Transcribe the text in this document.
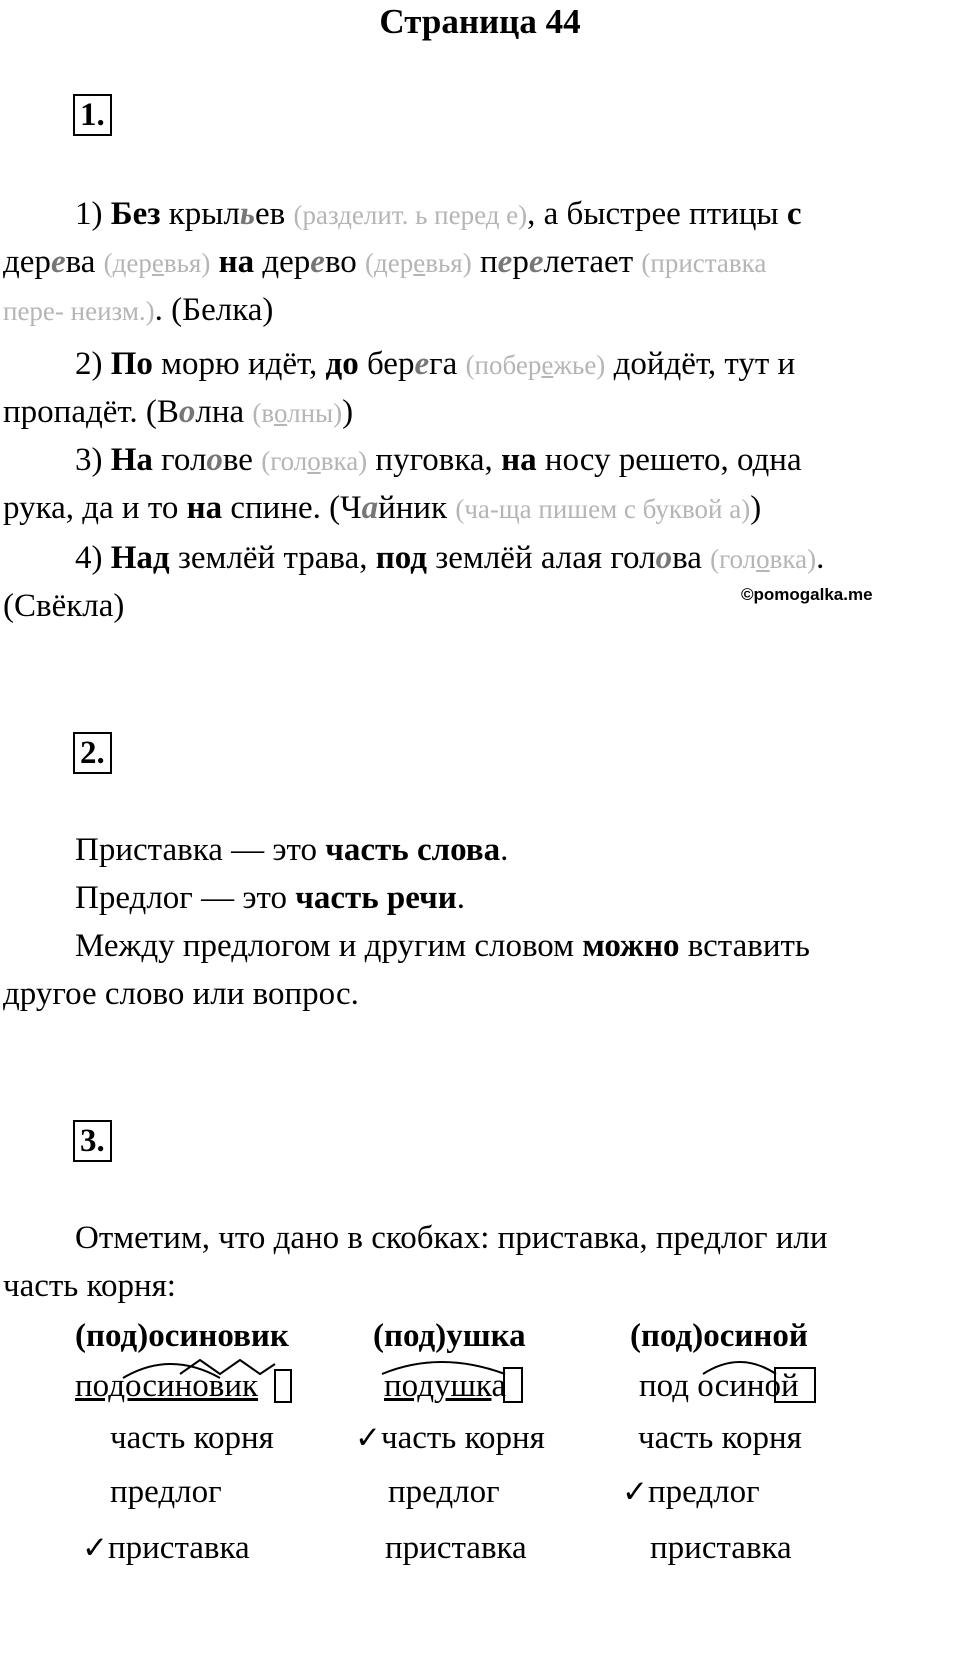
Страница 44
1.
1) Без крыльев (разделит. ь перед е), а быстрее птицы с
дерева (деревья) на дерево (деревья) перелетает (приставка
пере- неизм.). (Белка)
2) По морю идёт, до берега (побережье) дойдёт, тут и
пропадёт. (Волна (волны))
3) На голове (головка) пуговка, на носу решето, одна
рука, да и то на спине. (Чайник (ча-ща пишем с буквой а))
4) Над землёй трава, под землёй алая голова (головка).
(Свёкла)	©pomogalka.me
2.
Приставка — это часть слова.
Предлог — это часть речи.
Между предлогом и другим словом можно вставить
другое слово или вопрос.
3.
Отметим, что дано в скобках: приставка, предлог или
часть корня:
(под)осиновик
подосиновик
часть корня
предлог
✓приставка
(под)ушка
подушка
✓часть корня
предлог
приставка
(под)осиной
под осиной
часть корня
✓предлог
приставка
